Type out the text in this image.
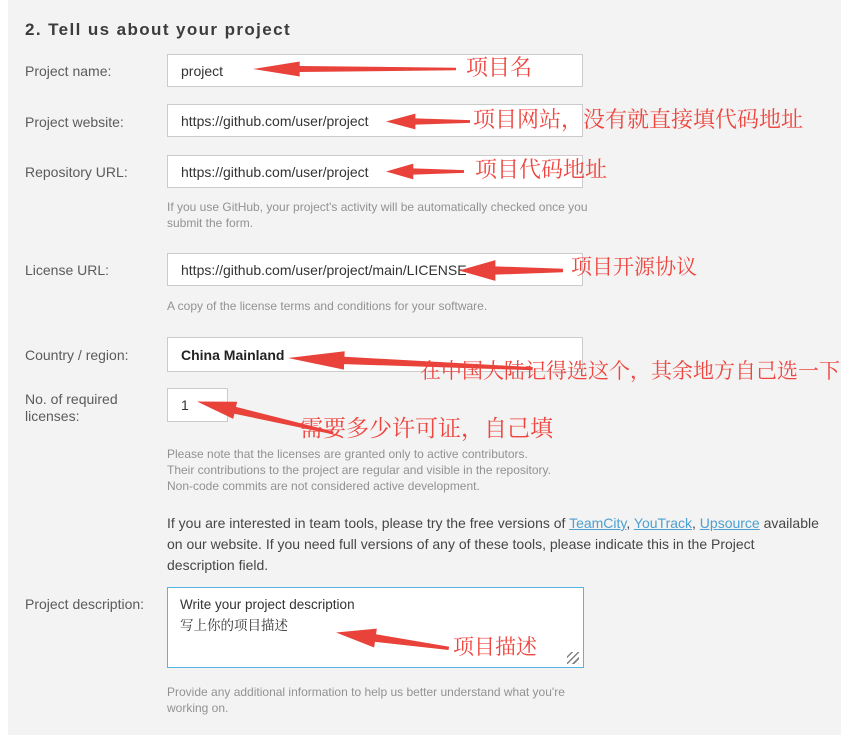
2. Tell us about your project
Project name:
project
Project website:
https://github.com/user/project
Repository URL:
https://github.com/user/project
If you use GitHub, your project's activity will be automatically checked once you submit the form.
License URL:
https://github.com/user/project/main/LICENSE
A copy of the license terms and conditions for your software.
Country / region:	China Mainland
No. of required licenses:
1
Please note that the licenses are granted only to active contributors.
Their contributions to the project are regular and visible in the repository.
Non-code commits are not considered active development.
If you are interested in team tools, please try the free versions of TeamCity, YouTrack, Upsource available on our website. If you need full versions of any of these tools, please indicate this in the Project description field.
Project description:
Write your project description 写上你的项目描述
Provide any additional information to help us better understand what you're working on.
项目名
项目网站，没有就直接填代码地址
项目代码地址
项目开源协议
在中国大陆记得选这个，其余地方自己选一下
需要多少许可证，自己填
项目描述
